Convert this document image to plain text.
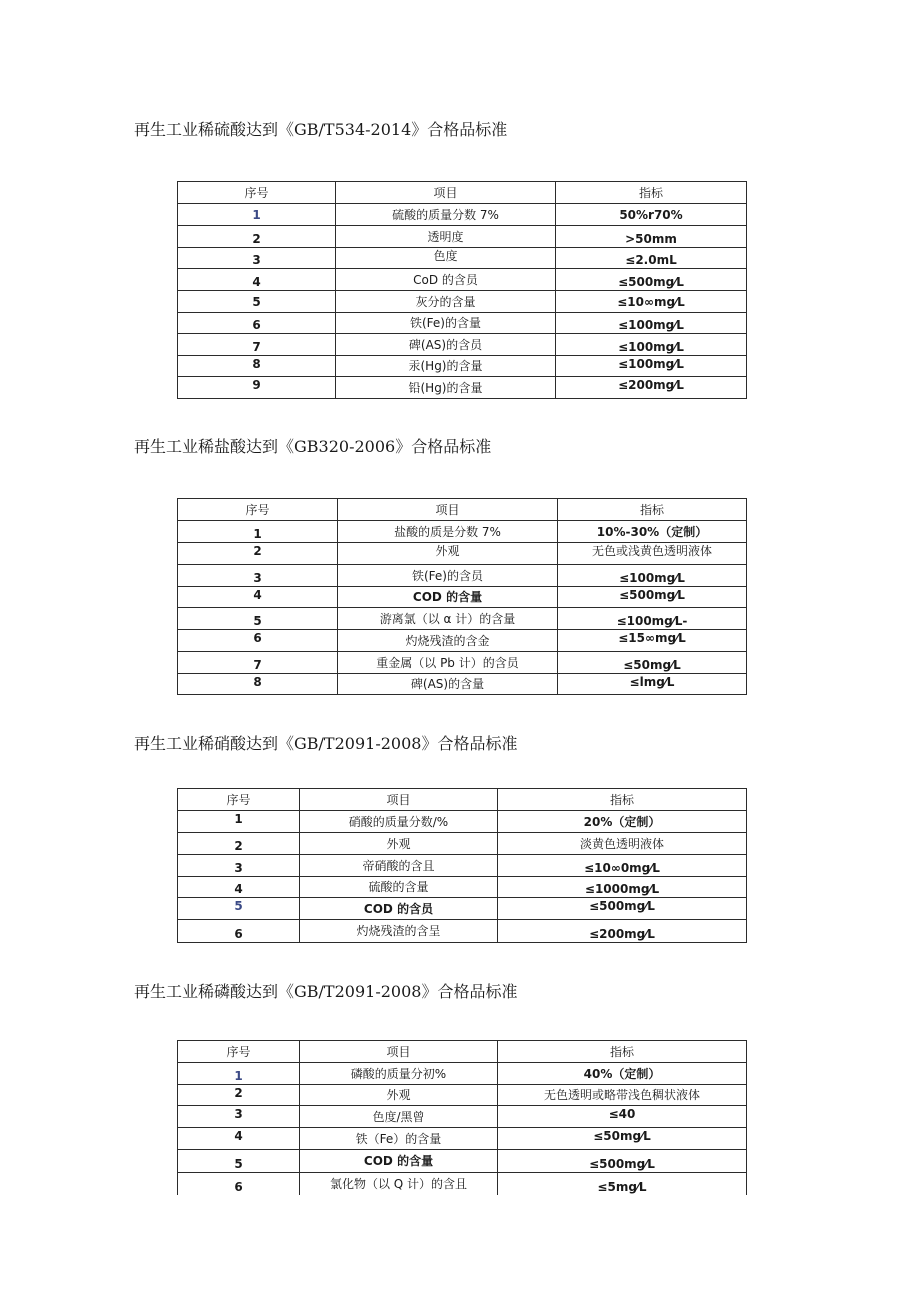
再生工业稀硫酸达到《GB/T534-2014》合格品标准
序号	项目	指标
1	硫酸的质量分数 7%	50%r70%
2	透明度	>50mm
3	色度	≤2.0mL
4	CoD 的含员	≤500mg⁄L
5	灰分的含量	≤10∞mg⁄L
6	铁(Fe)的含量	≤100mg⁄L
7	碑(AS)的含员	≤100mg⁄L
8	汞(Hg)的含量	≤100mg⁄L
9	铅(Hg)的含量	≤200mg⁄L
再生工业稀盐酸达到《GB320-2006》合格品标准
序号	项目	指标
1	盐酸的质是分数 7%	10%-30%（定制）
2	外观	无色或浅黄色透明液体
3	铁(Fe)的含员	≤100mg⁄L
4	COD 的含量	≤500mg⁄L
5	游离氯（以 α 计）的含量	≤100mg⁄L-
6	灼烧残渣的含金	≤15∞mg⁄L
7	重金属（以 Pb 计）的含员	≤50mg⁄L
8	碑(AS)的含量	≤lmg⁄L
再生工业稀硝酸达到《GB/T2091-2008》合格品标准
序号	项目	指标
1	硝酸的质量分数/%	20%（定制）
2	外观	淡黄色透明液体
3	帝硝酸的含且	≤10∞0mg⁄L
4	硫酸的含量	≤1000mg⁄L
5	COD 的含员	≤500mg⁄L
6	灼烧残渣的含呈	≤200mg⁄L
再生工业稀磷酸达到《GB/T2091-2008》合格品标准
序号	项目	指标
1	磷酸的质量分初%	40%（定制）
2	外观	无色透明或略带浅色稠状液体
3	色度/黑曾	≤40
4	铁（Fe）的含量	≤50mg⁄L
5	COD 的含量	≤500mg⁄L
6	氯化物（以 Q 计）的含且	≤5mg⁄L
